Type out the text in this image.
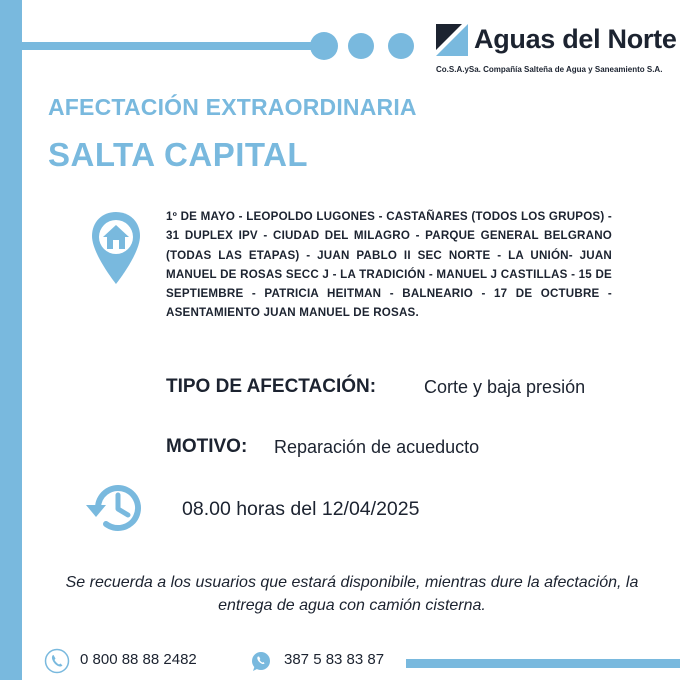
Aguas del Norte
Co.S.A.ySa. Compañía Salteña de Agua y Saneamiento S.A.
AFECTACIÓN EXTRAORDINARIA
SALTA CAPITAL
1º DE MAYO - LEOPOLDO LUGONES - CASTAÑARES (TODOS LOS GRUPOS) - 31 DUPLEX IPV - CIUDAD DEL MILAGRO - PARQUE GENERAL BELGRANO (TODAS LAS ETAPAS) - JUAN PABLO II SEC NORTE - LA UNIÓN- JUAN MANUEL DE ROSAS SECC J - LA TRADICIÓN - MANUEL J CASTILLAS - 15 DE SEPTIEMBRE - PATRICIA HEITMAN - BALNEARIO - 17 DE OCTUBRE - ASENTAMIENTO JUAN MANUEL DE ROSAS.
TIPO DE AFECTACIÓN:	Corte y baja presión
MOTIVO: Reparación de acueducto
08.00 horas del 12/04/2025
Se recuerda a los usuarios que estará disponibile, mientras dure la afectación, la entrega de agua con camión cisterna.
0 800 88 88 2482	387 5 83 83 87
